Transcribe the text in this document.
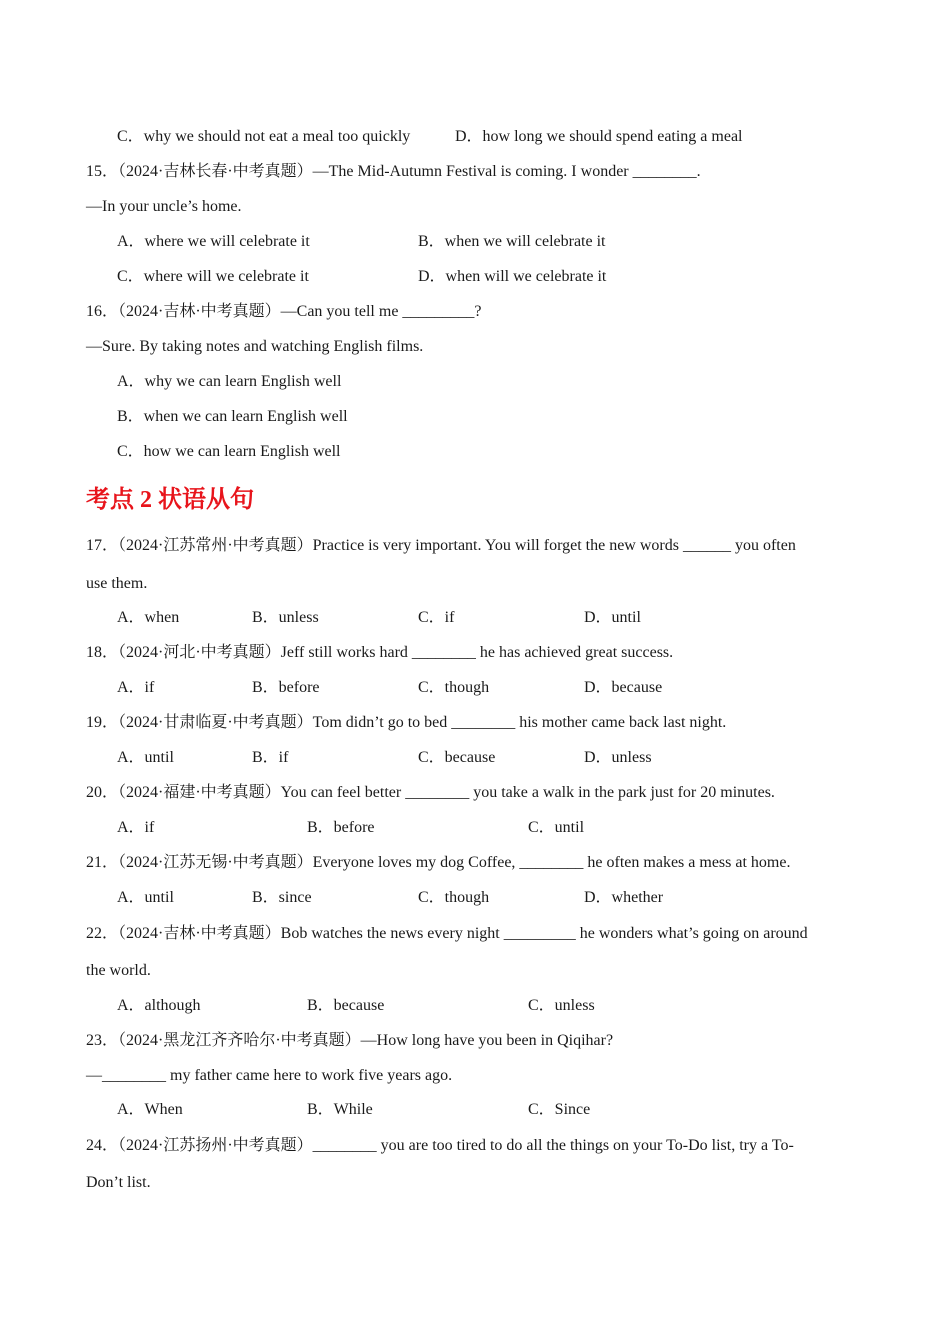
C．why we should not eat a meal too quickly	D．how long we should spend eating a meal
15．（2024·吉林长春·中考真题）—The Mid-Autumn Festival is coming. I wonder ________.
—In your uncle’s home.
A．where we will celebrate it	B．when we will celebrate it
C．where will we celebrate it	D．when will we celebrate it
16．（2024·吉林·中考真题）—Can you tell me _________?
—Sure. By taking notes and watching English films.
A．why we can learn English well
B．when we can learn English well
C．how we can learn English well
考点 2 状语从句
17．（2024·江苏常州·中考真题）Practice is very important. You will forget the new words ______ you often
use them.
A．when	B．unless	C．if	D．until
18．（2024·河北·中考真题）Jeff still works hard ________ he has achieved great success.
A．if	B．before	C．though	D．because
19．（2024·甘肃临夏·中考真题）Tom didn’t go to bed ________ his mother came back last night.
A．until	B．if	C．because	D．unless
20．（2024·福建·中考真题）You can feel better ________ you take a walk in the park just for 20 minutes.
A．if	B．before	C．until
21．（2024·江苏无锡·中考真题）Everyone loves my dog Coffee, ________ he often makes a mess at home.
A．until	B．since	C．though	D．whether
22．（2024·吉林·中考真题）Bob watches the news every night _________ he wonders what’s going on around
the world.
A．although	B．because	C．unless
23．（2024·黑龙江齐齐哈尔·中考真题）—How long have you been in Qiqihar?
—________ my father came here to work five years ago.
A．When	B．While	C．Since
24．（2024·江苏扬州·中考真题）________ you are too tired to do all the things on your To-Do list, try a To-
Don’t list.
